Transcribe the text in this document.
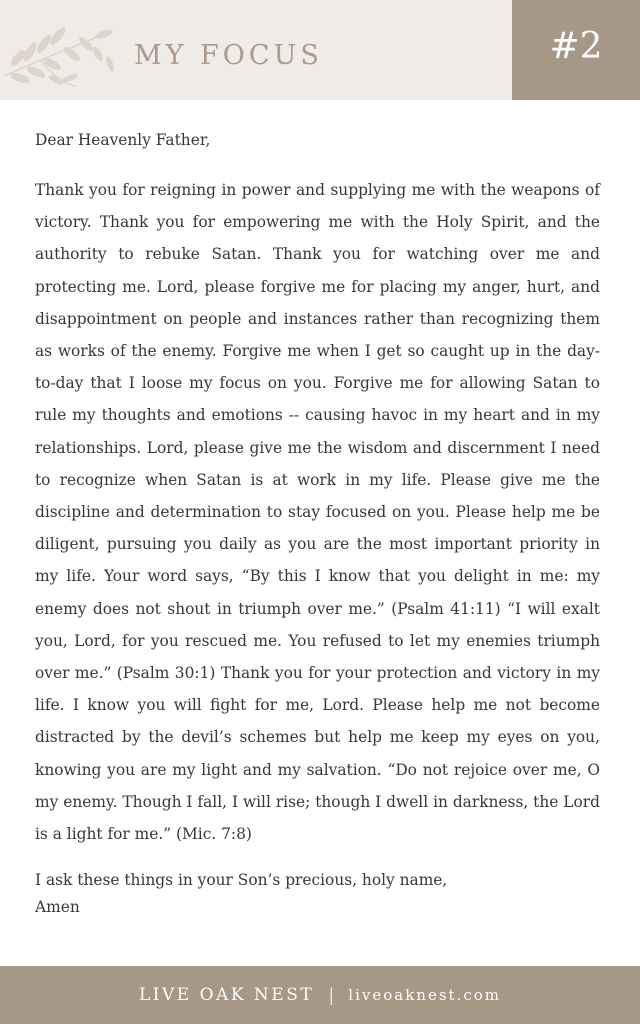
MY FOCUS	#2

Dear Heavenly Father,

Thank you for reigning in power and supplying me with the weapons of victory. Thank you for empowering me with the Holy Spirit, and the authority to rebuke Satan. Thank you for watching over me and protecting me. Lord, please forgive me for placing my anger, hurt, and disappointment on people and instances rather than recognizing them as works of the enemy. Forgive me when I get so caught up in the day-to-day that I loose my focus on you. Forgive me for allowing Satan to rule my thoughts and emotions -- causing havoc in my heart and in my relationships. Lord, please give me the wisdom and discernment I need to recognize when Satan is at work in my life. Please give me the discipline and determination to stay focused on you. Please help me be diligent, pursuing you daily as you are the most important priority in my life. Your word says, “By this I know that you delight in me: my enemy does not shout in triumph over me.” (Psalm 41:11) “I will exalt you, Lord, for you rescued me. You refused to let my enemies triumph over me.” (Psalm 30:1) Thank you for your protection and victory in my life. I know you will fight for me, Lord. Please help me not become distracted by the devil’s schemes but help me keep my eyes on you, knowing you are my light and my salvation. “Do not rejoice over me, O my enemy. Though I fall, I will rise; though I dwell in darkness, the Lord is a light for me.” (Mic. 7:8)

I ask these things in your Son’s precious, holy name,

Amen

LIVE OAK NEST | liveoaknest.com
